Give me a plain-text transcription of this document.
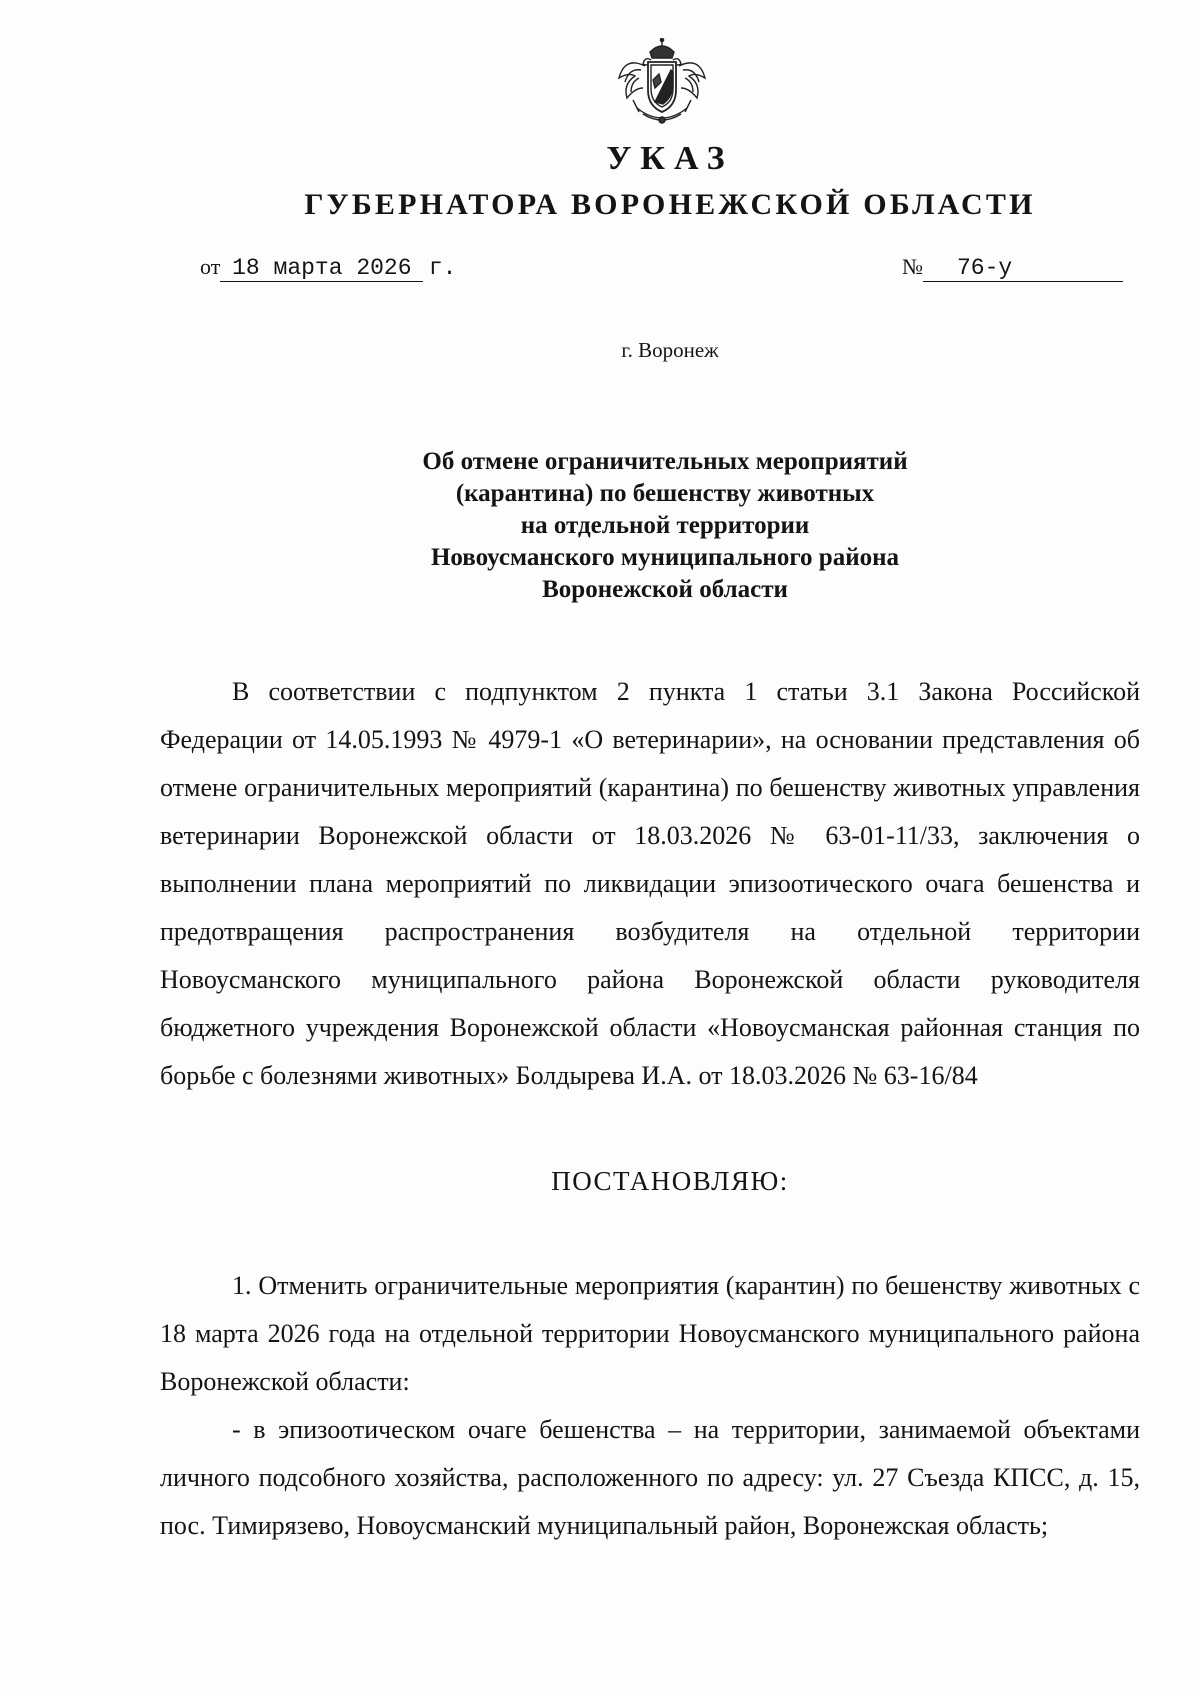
УКАЗ
ГУБЕРНАТОРА ВОРОНЕЖСКОЙ ОБЛАСТИ
от 18 марта 2026 г.	№ 76-у
г. Воронеж
Об отмене ограничительных мероприятий
(карантина) по бешенству животных
на отдельной территории
Новоусманского муниципального района
Воронежской области

В соответствии с подпунктом 2 пункта 1 статьи 3.1 Закона Российской Федерации от 14.05.1993 № 4979-1 «О ветеринарии», на основании представления об отмене ограничительных мероприятий (карантина) по бешенству животных управления ветеринарии Воронежской области от 18.03.2026 № 63-01-11/33, заключения о выполнении плана мероприятий по ликвидации эпизоотического очага бешенства и предотвращения распространения возбудителя на отдельной территории Новоусманского муниципального района Воронежской области руководителя бюджетного учреждения Воронежской области «Новоусманская районная станция по борьбе с болезнями животных» Болдырева И.А. от 18.03.2026 № 63-16/84

ПОСТАНОВЛЯЮ:

1. Отменить ограничительные мероприятия (карантин) по бешенству животных с 18 марта 2026 года на отдельной территории Новоусманского муниципального района Воронежской области:

- в эпизоотическом очаге бешенства – на территории, занимаемой объектами личного подсобного хозяйства, расположенного по адресу: ул. 27 Съезда КПСС, д. 15, пос. Тимирязево, Новоусманский муниципальный район, Воронежская область;
